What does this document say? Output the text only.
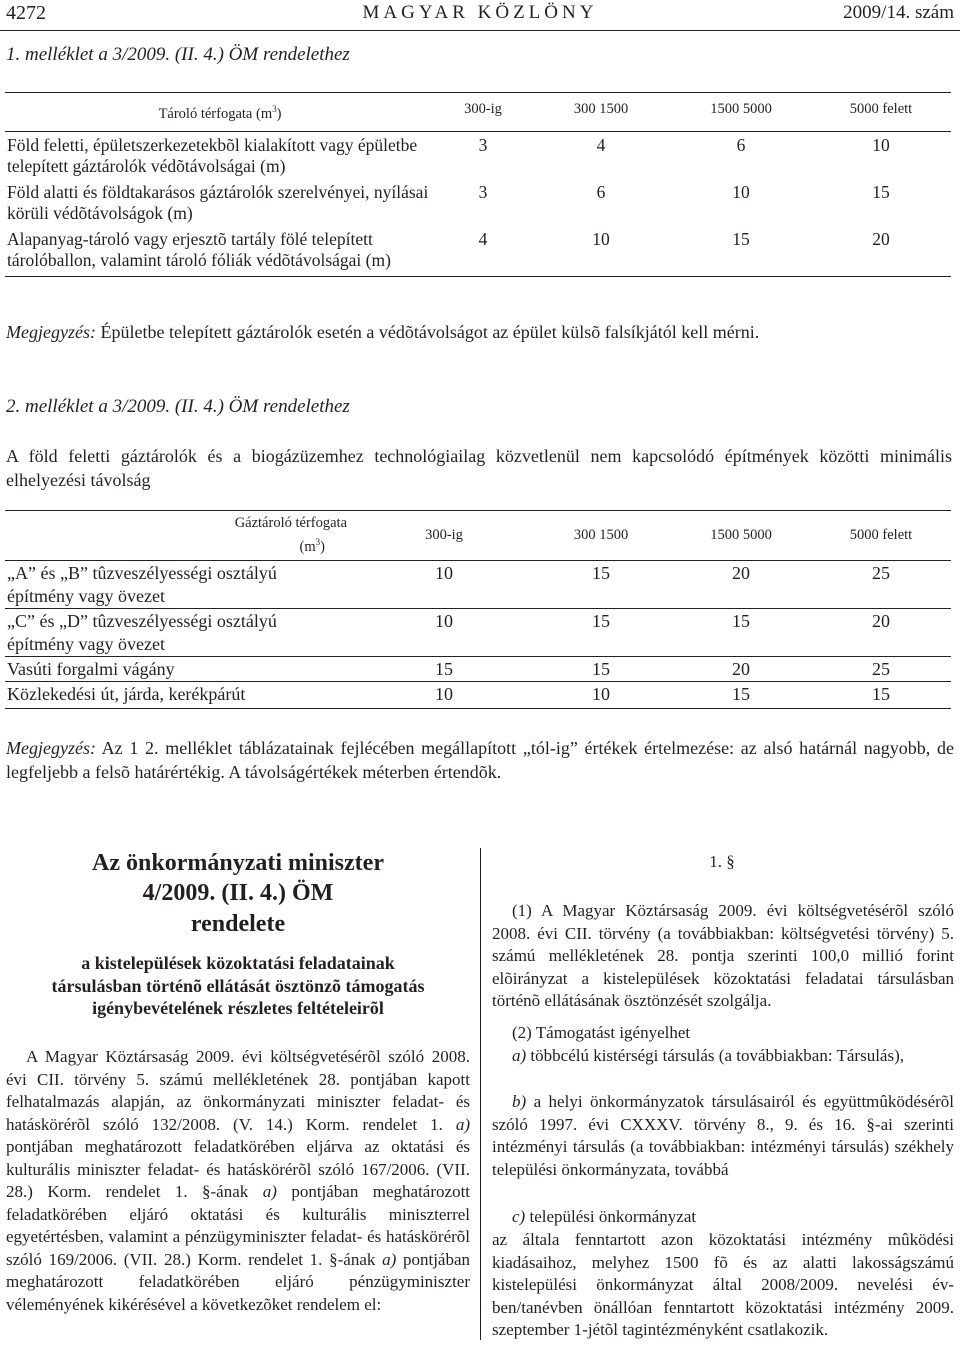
4272	MAGYAR KÖZLÖNY	2009/14. szám
1. melléklet a 3/2009. (II. 4.) ÖM rendelethez
Tároló térfogata $(m^3)$	300-ig	300 1500	1500 5000	5000 felett
Föld feletti, épületszerkezetekbõl kialakított vagy épületbe telepített gáztárolók védõtávolságai (m)	3	4	6	10
Föld alatti és földtakarásos gáztárolók szerelvényei, nyílásai körüli védõtávolságok (m)	3	6	10	15
Alapanyag-tároló vagy erjesztõ tartály fölé telepített tárolóballon, valamint tároló fóliák védõtávolságai (m)	4	10	15	20
Megjegyzés: Épületbe telepített gáztárolók esetén a védõtávolságot az épület külsõ falsíkjától kell mérni.
2. melléklet a 3/2009. (II. 4.) ÖM rendelethez
A föld feletti gáztárolók és a biogázüzemhez technológiailag közvetlenül nem kapcsolódó építmények közötti minimális elhelyezési távolság
Gáztároló térfogata
$(m^3)$	300-ig	300 1500	1500 5000	5000 felett
„A” és „B” tûzveszélyességi osztályú építmény vagy övezet	10	15	20	25
„C” és „D” tûzveszélyességi osztályú építmény vagy övezet	10	15	15	20
Vasúti forgalmi vágány	15	15	20	25
Közlekedési út, járda, kerékpárút	10	10	15	15
Megjegyzés: Az 1 2. melléklet táblázatainak fejlécében megállapított „tól-ig” értékek értelmezése: az alsó határnál nagyobb, de legfeljebb a felsõ határértékig. A távolságértékek méterben értendõk.
Az önkormányzati miniszter
4/2009. (II. 4.) ÖM
rendelete
a kistelepülések közoktatási feladatainak társulásban történõ ellátását ösztönzõ támogatás igénybevételének részletes feltételeirõl
A Magyar Köztársaság 2009. évi költségvetésérõl szóló 2008. évi CII. törvény 5. számú mellékletének 28. pontjában kapott felhatalmazás alapján, az önkormányzati miniszter feladat- és hatáskörérõl szóló 132/2008. (V. 14.) Korm. rendelet 1. a) pontjában meghatározott feladatkörében eljárva az oktatási és kulturális miniszter feladat- és hatáskörérõl szóló 167/2006. (VII. 28.) Korm. rendelet 1. §-ának a) pontjában meghatározott feladatkörében eljáró oktatási és kulturális miniszterrel egyetértésben, valamint a pénzügyminiszter feladat- és hatáskörérõl szóló 169/2006. (VII. 28.) Korm. rendelet 1. §-ának a) pontjában meghatározott feladatkörében eljáró pénzügyminiszter véleményének kikérésével a következõket rendelem el:
1. §
(1) A Magyar Köztársaság 2009. évi költségvetésérõl szóló 2008. évi CII. törvény (a továbbiakban: költségvetési törvény) 5. számú mellékletének 28. pontja szerinti 100,0 millió forint elõirányzat a kistelepülések közoktatási feladatai társulásban történõ ellátásának ösztönzését szolgálja.
(2) Támogatást igényelhet
a) többcélú kistérségi társulás (a továbbiakban: Társulás),
b) a helyi önkormányzatok társulásairól és együttmûködésérõl szóló 1997. évi CXXXV. törvény 8., 9. és 16. §-ai szerinti intézményi társulás (a továbbiakban: intézményi társulás) székhely települési önkormányzata, továbbá
c) települési önkormányzat
az általa fenntartott azon közoktatási intézmény mûködési kiadásaihoz, melyhez 1500 fõ és az alatti lakosságszámú kistelepülési önkormányzat által 2008/2009. nevelési év- ben/tanévben önállóan fenntartott közoktatási intézmény 2009. szeptember 1-jétõl tagintézményként csatlakozik.
